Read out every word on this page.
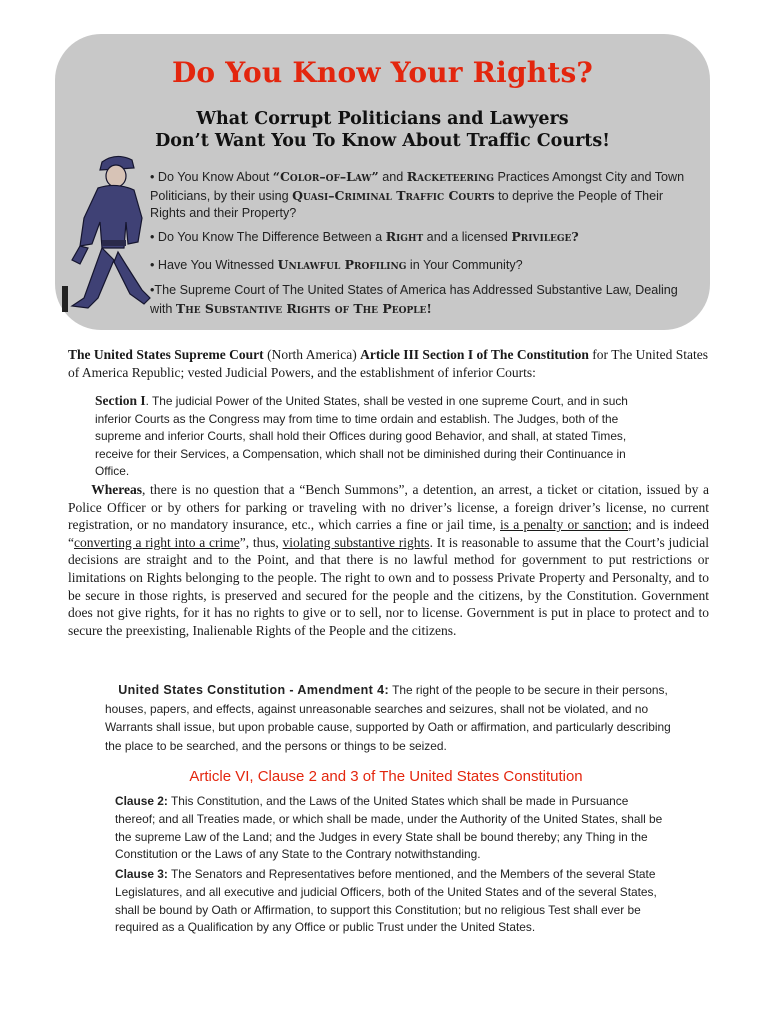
Do You Know Your Rights?
What Corrupt Politicians and Lawyers
Don’t Want You To Know About Traffic Courts!
• Do You Know About “Color–of–Law” and Racketeering Practices Amongst City and Town Politicians, by their using Quasi–Criminal Traffic Courts to deprive the People of Their Rights and their Property?
• Do You Know The Difference Between a Right and a licensed Privilege?
• Have You Witnessed Unlawful Profiling in Your Community?
•The Supreme Court of The United States of America has Addressed Substantive Law, Dealing with The Substantive Rights of The People!
The United States Supreme Court (North America) Article III Section I of The Constitution for The United States of America Republic; vested Judicial Powers, and the establishment of inferior Courts:
Section I. The judicial Power of the United States, shall be vested in one supreme Court, and in such inferior Courts as the Congress may from time to time ordain and establish. The Judges, both of the supreme and inferior Courts, shall hold their Offices during good Behavior, and shall, at stated Times, receive for their Services, a Compensation, which shall not be diminished during their Continuance in Office.
Whereas, there is no question that a “Bench Summons”, a detention, an arrest, a ticket or citation, issued by a Police Officer or by others for parking or traveling with no driver’s license, a foreign driver’s license, no current registration, or no mandatory insurance, etc., which carries a fine or jail time, is a penalty or sanction; and is indeed “converting a right into a crime”, thus, violating substantive rights. It is reasonable to assume that the Court’s judicial decisions are straight and to the Point, and that there is no lawful method for government to put restrictions or limitations on Rights belonging to the people. The right to own and to possess Private Property and Personalty, and to be secure in those rights, is preserved and secured for the people and the citizens, by the Constitution. Government does not give rights, for it has no rights to give or to sell, nor to license. Government is put in place to protect and to secure the preexisting, Inalienable Rights of the People and the citizens.
United States Constitution - Amendment 4: The right of the people to be secure in their persons, houses, papers, and effects, against unreasonable searches and seizures, shall not be violated, and no Warrants shall issue, but upon probable cause, supported by Oath or affirmation, and particularly describing the place to be searched, and the persons or things to be seized.
Article VI, Clause 2 and 3 of The United States Constitution
Clause 2: This Constitution, and the Laws of the United States which shall be made in Pursuance thereof; and all Treaties made, or which shall be made, under the Authority of the United States, shall be the supreme Law of the Land; and the Judges in every State shall be bound thereby; any Thing in the Constitution or the Laws of any State to the Contrary notwithstanding.
Clause 3: The Senators and Representatives before mentioned, and the Members of the several State Legislatures, and all executive and judicial Officers, both of the United States and of the several States, shall be bound by Oath or Affirmation, to support this Constitution; but no religious Test shall ever be required as a Qualification by any Office or public Trust under the United States.
